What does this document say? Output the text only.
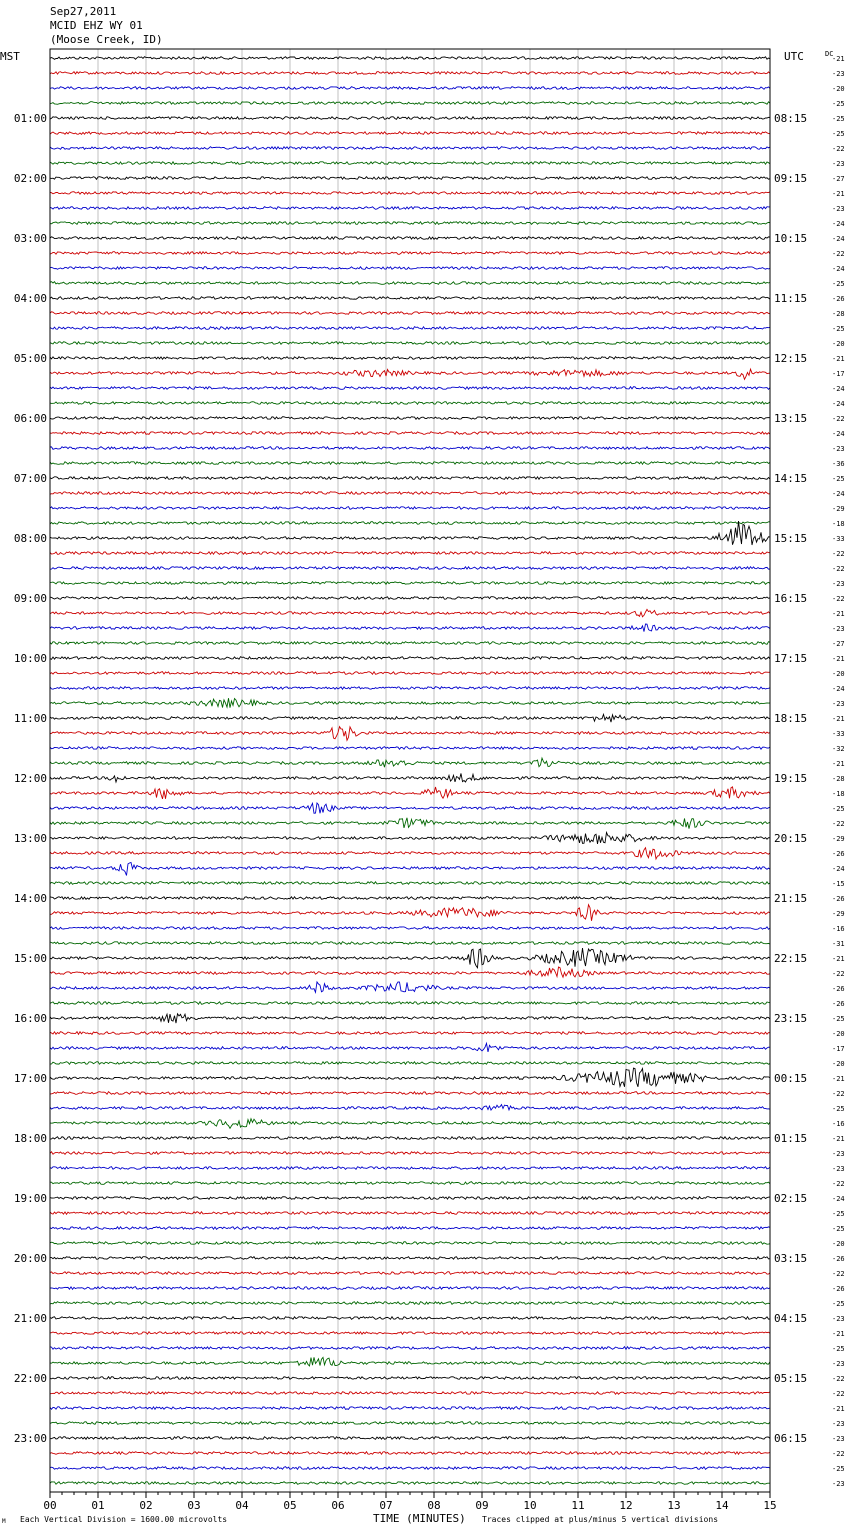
Sep27,2011
MCID EHZ WY 01
(Moose Creek, ID)
MST	UTC
00	01	02	03	04	05	06	07	08	09	10	11	12	13	14	15
01:00	08:15
02:00	09:15
03:00	10:15
04:00	11:15
05:00	12:15
06:00	13:15
07:00	14:15
08:00	15:15
09:00	16:15
10:00	17:15
11:00	18:15
12:00	19:15
13:00	20:15
14:00	21:15
15:00	22:15
16:00	23:15
17:00	00:15
18:00	01:15
19:00	02:15
20:00	03:15
21:00	04:15
22:00	05:15
23:00	06:15
-21
-23
-20
-25
-25
-25
-22
-23
-27
-21
-23
-24
-24
-22
-24
-25
-26
-28
-25
-20
-21
-17
-24
-24
-22
-24
-23
-36
-25
-24
-29
-18
-33
-22
-22
-23
-22
-21
-23
-27
-21
-20
-24
-23
-21
-33
-32
-21
-28
-18
-25
-22
-29
-26
-24
-15
-26
-29
-16
-31
-21
-22
-26
-26
-25
-20
-17
-20
-21
-22
-25
-16
-21
-23
-23
-22
-24
-25
-25
-20
-26
-22
-26
-25
-23
-21
-25
-23
-22
-22
-21
-23
-23
-22
-25
-23
DC
M Each Vertical Division = 1600.00 microvolts	TIME (MINUTES) Traces clipped at plus/minus 5 vertical divisions
